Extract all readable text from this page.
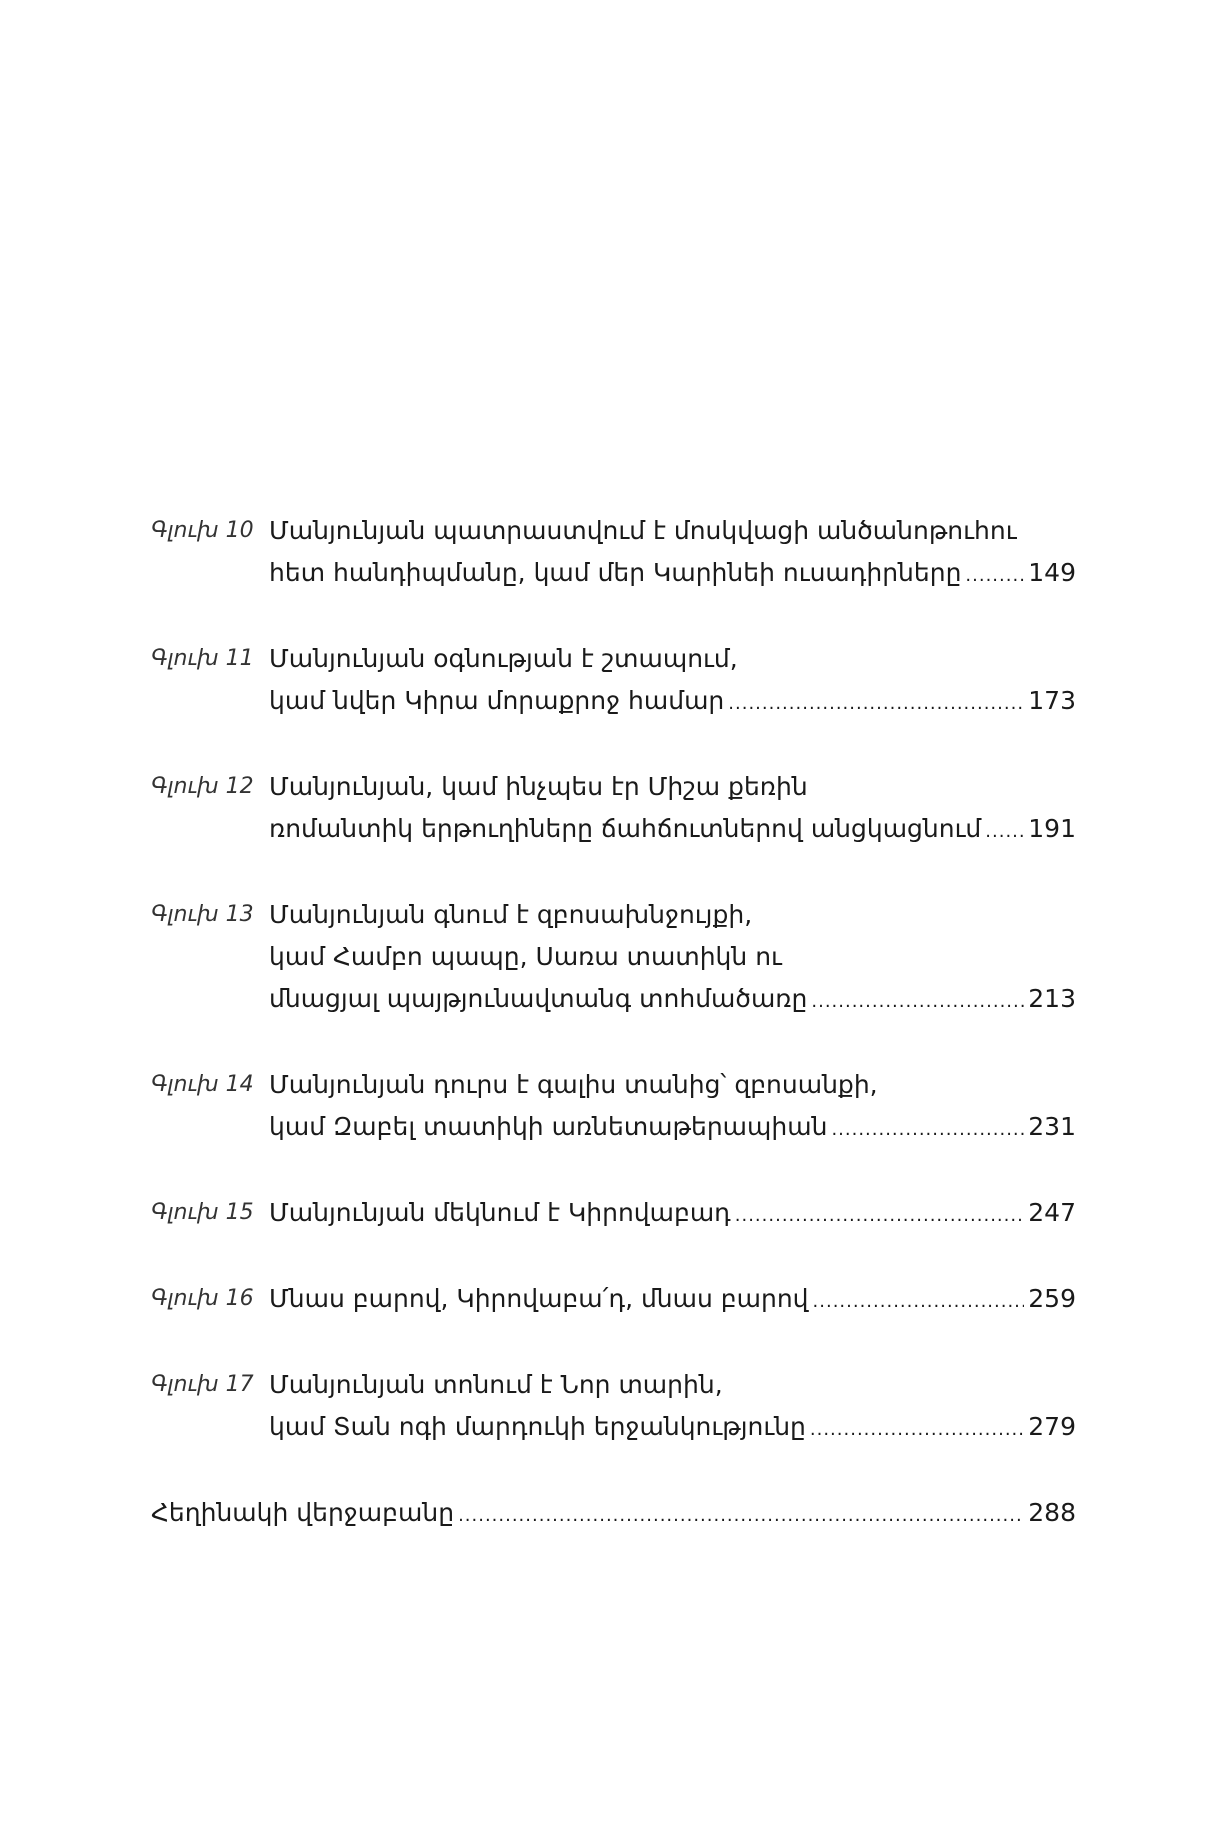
Գլուխ 10 Մանյունյան պատրաստվում է մոսկվացի անծանոթուհու
հետ հանդիպմանը, կամ մեր Կարինեի ուսադիրները .....	149
Գլուխ 11 Մանյունյան օգնության է շտապում,
կամ նվեր Կիրա մորաքրոջ համար .....	173
Գլուխ 12 Մանյունյան, կամ ինչպես էր Միշա քեռին
ռոմանտիկ երթուղիները ճահճուտներով անցկացնում ..... 191
Գլուխ 13 Մանյունյան գնում է զբոսախնջույքի,
կամ Համբո պապը, Սառա տատիկն ու
մնացյալ պայթյունավտանգ տոհմածառը .....	213
Գլուխ 14 Մանյունյան դուրս է գալիս տանից՝ զբոսանքի,
կամ Զաբել տատիկի առնետաթերապիան .....	231
Գլուխ 15 Մանյունյան մեկնում է Կիրովաբադ .....	247
Գլուխ 16 Մնաս բարով, Կիրովաբա՛դ, մնաս բարով .....	259
Գլուխ 17 Մանյունյան տոնում է Նոր տարին,
կամ Տան ոգի մարդուկի երջանկությունը .....	279
Հեղինակի վերջաբանը .....	288
